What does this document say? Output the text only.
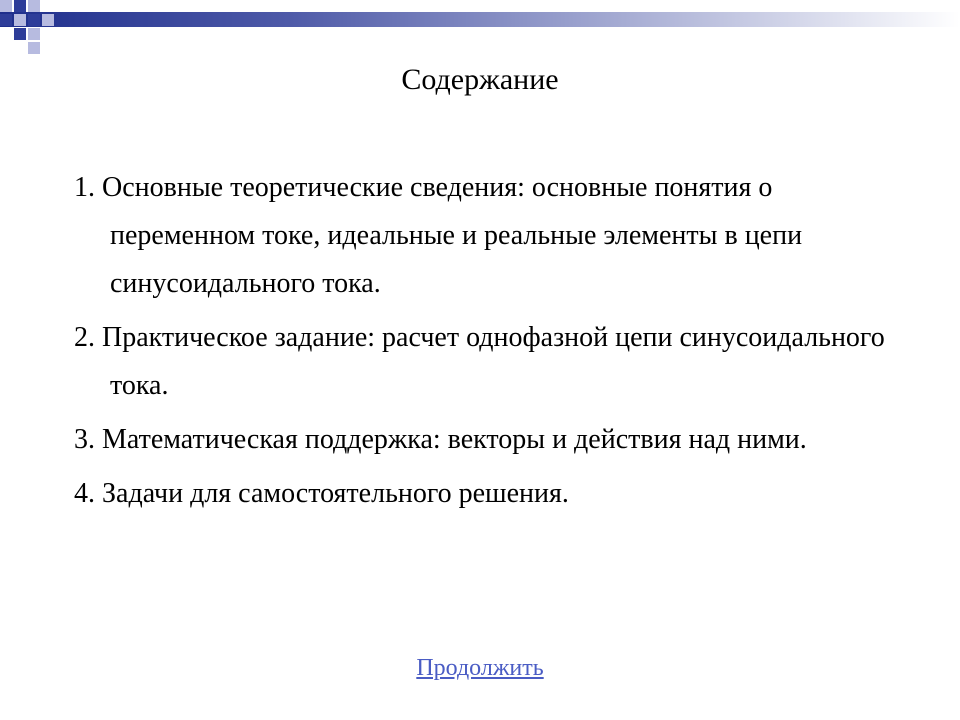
Содержание
1. Основные теоретические сведения: основные понятия о переменном токе, идеальные и реальные элементы в цепи синусоидального тока.
2. Практическое задание: расчет однофазной цепи синусоидального тока.
3. Математическая поддержка: векторы и действия над ними.
4. Задачи для самостоятельного решения.
Продолжить
